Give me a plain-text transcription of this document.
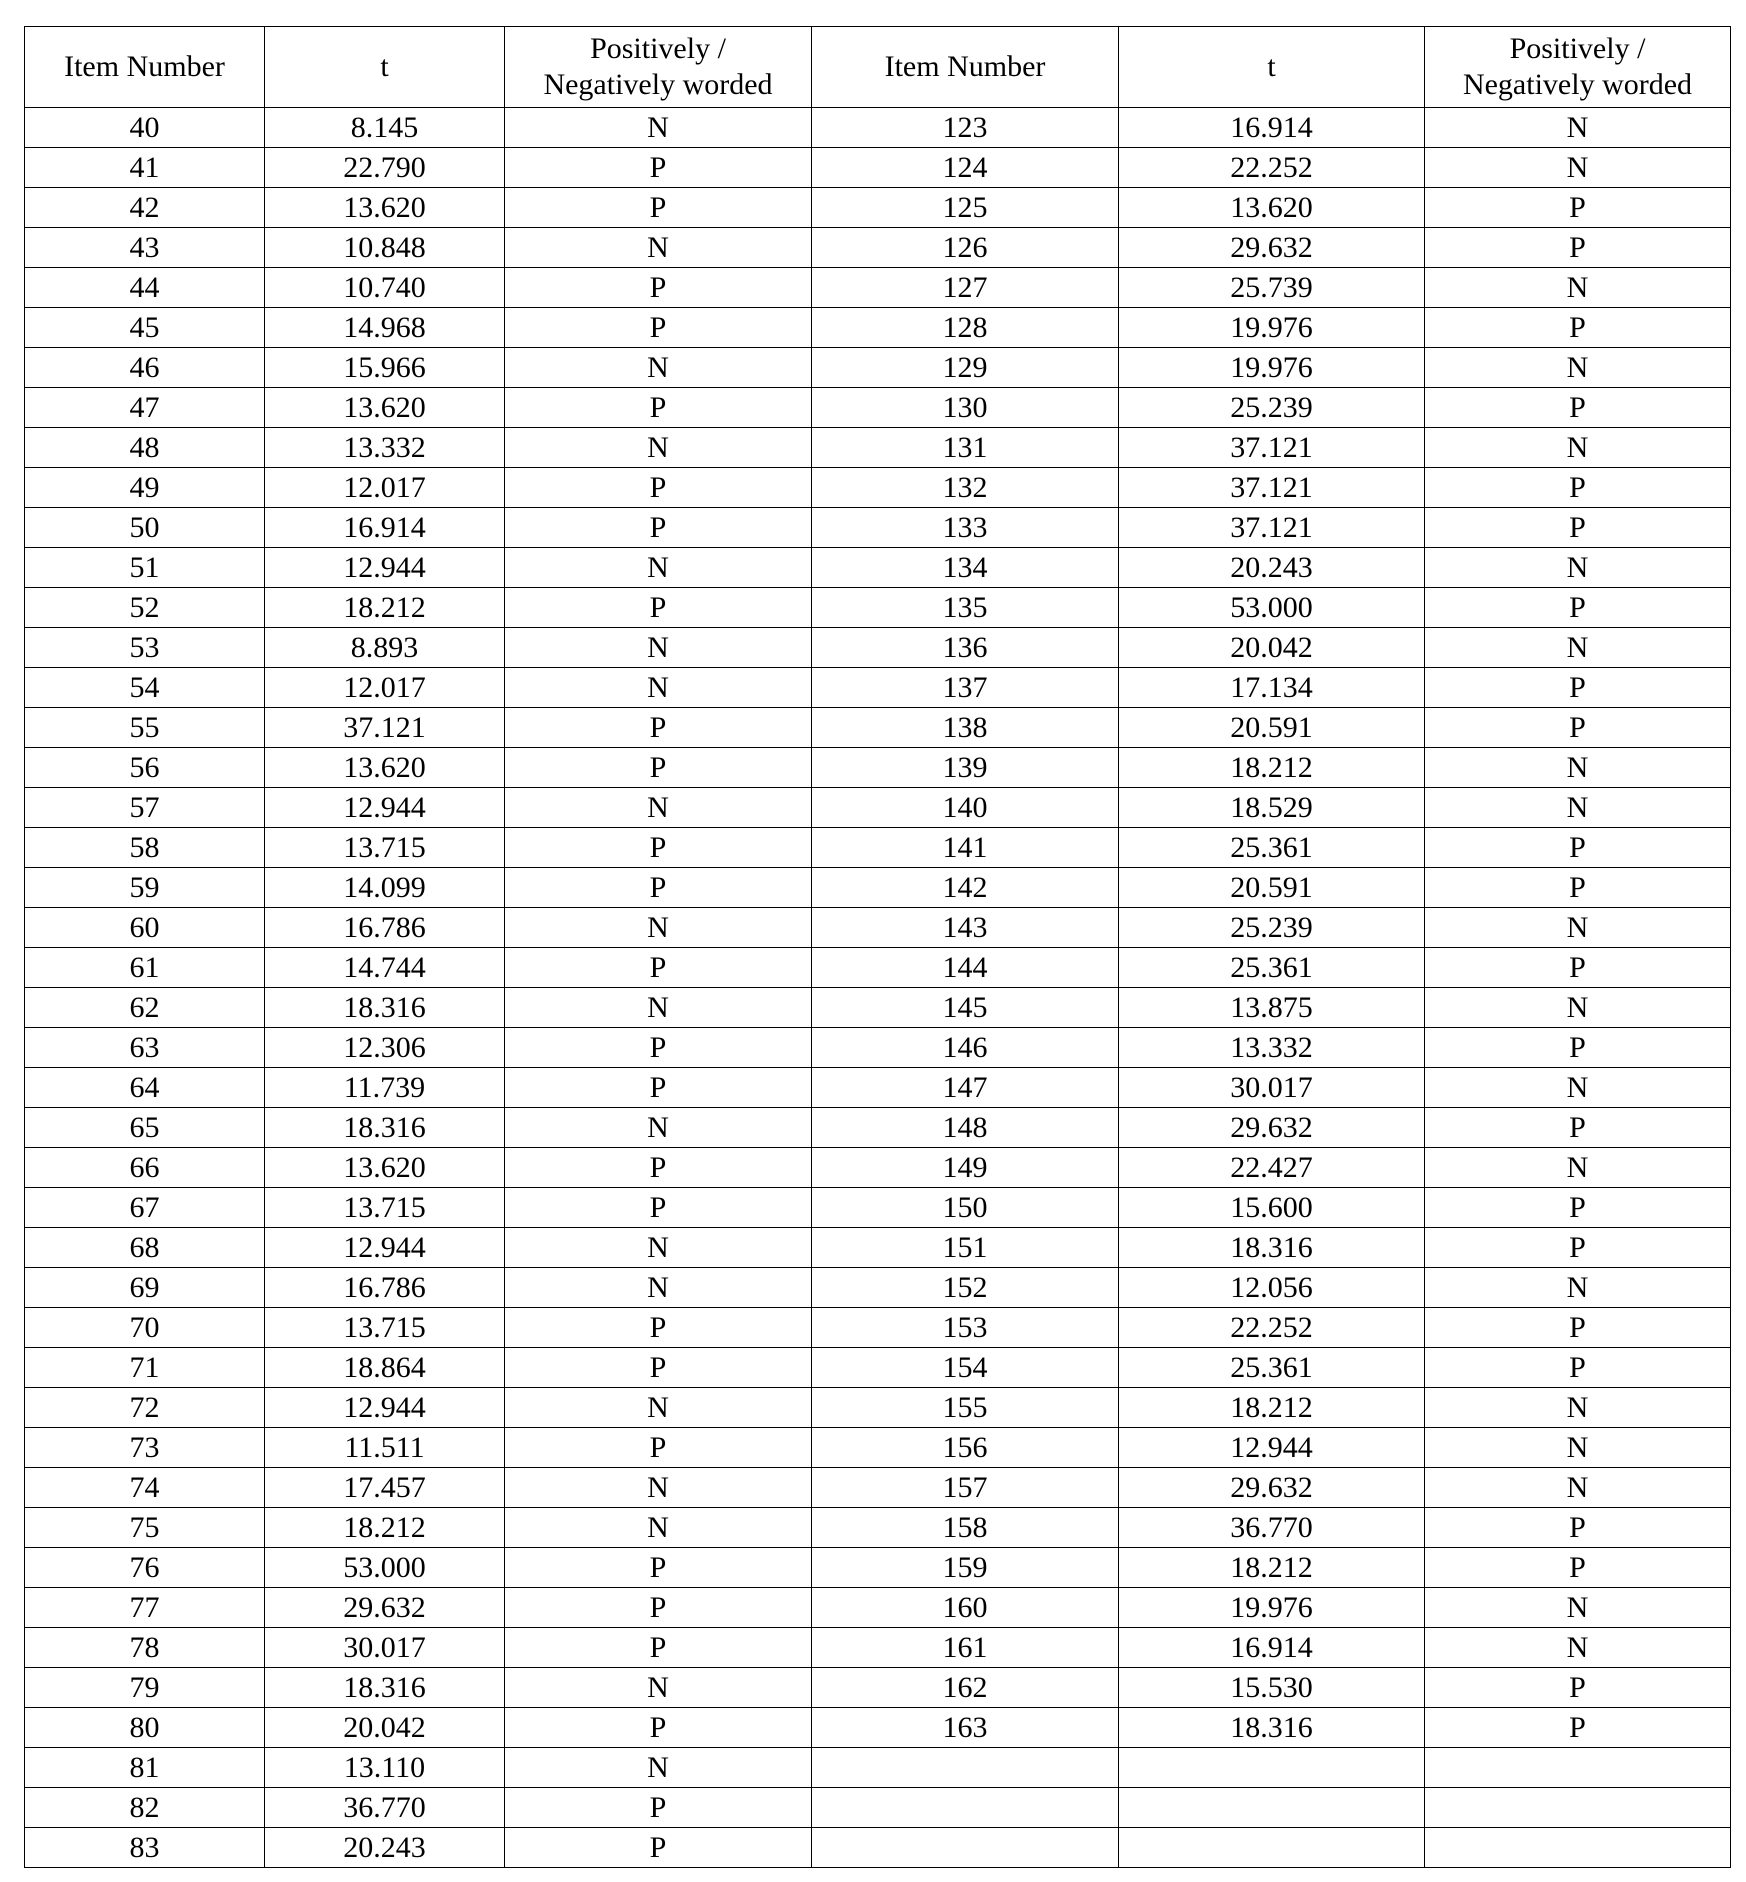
Item Number	t	Positively /
Negatively worded	Item Number	t	Positively /
Negatively worded

40	8.145	N	123	16.914	N
41	22.790	P	124	22.252	N
42	13.620	P	125	13.620	P
43	10.848	N	126	29.632	P
44	10.740	P	127	25.739	N
45	14.968	P	128	19.976	P
46	15.966	N	129	19.976	N
47	13.620	P	130	25.239	P
48	13.332	N	131	37.121	N
49	12.017	P	132	37.121	P
50	16.914	P	133	37.121	P
51	12.944	N	134	20.243	N
52	18.212	P	135	53.000	P
53	8.893	N	136	20.042	N
54	12.017	N	137	17.134	P
55	37.121	P	138	20.591	P
56	13.620	P	139	18.212	N
57	12.944	N	140	18.529	N
58	13.715	P	141	25.361	P
59	14.099	P	142	20.591	P
60	16.786	N	143	25.239	N
61	14.744	P	144	25.361	P
62	18.316	N	145	13.875	N
63	12.306	P	146	13.332	P
64	11.739	P	147	30.017	N
65	18.316	N	148	29.632	P
66	13.620	P	149	22.427	N
67	13.715	P	150	15.600	P
68	12.944	N	151	18.316	P
69	16.786	N	152	12.056	N
70	13.715	P	153	22.252	P
71	18.864	P	154	25.361	P
72	12.944	N	155	18.212	N
73	11.511	P	156	12.944	N
74	17.457	N	157	29.632	N
75	18.212	N	158	36.770	P
76	53.000	P	159	18.212	P
77	29.632	P	160	19.976	N
78	30.017	P	161	16.914	N
79	18.316	N	162	15.530	P
80	20.042	P	163	18.316	P
81	13.110	N			
82	36.770	P			
83	20.243	P			
